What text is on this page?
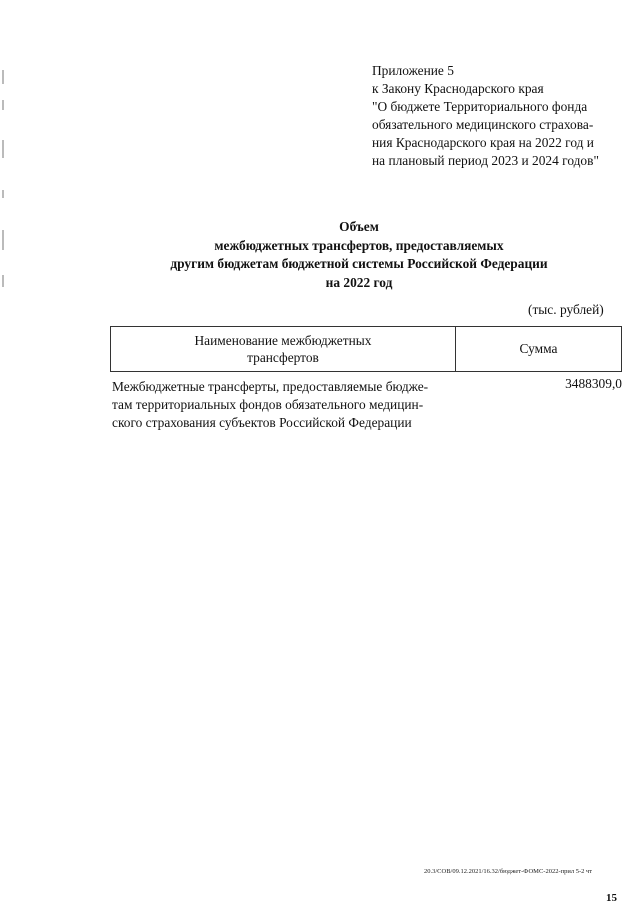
Приложение 5
к Закону Краснодарского края
"О бюджете Территориального фонда
обязательного медицинского страхова-
ния Краснодарского края на 2022 год и
на плановый период 2023 и 2024 годов"
Объем
межбюджетных трансфертов, предоставляемых
другим бюджетам бюджетной системы Российской Федерации
на 2022 год
(тыс. рублей)
Наименование межбюджетных
трансфертов
Сумма
Межбюджетные трансферты, предоставляемые бюдже-
там территориальных фондов обязательного медицин-
ского страхования субъектов Российской Федерации
3488309,0
20.3/СОВ/09.12.2021/16.32/бюджет-ФОМС-2022-прил 5-2 чт
15
